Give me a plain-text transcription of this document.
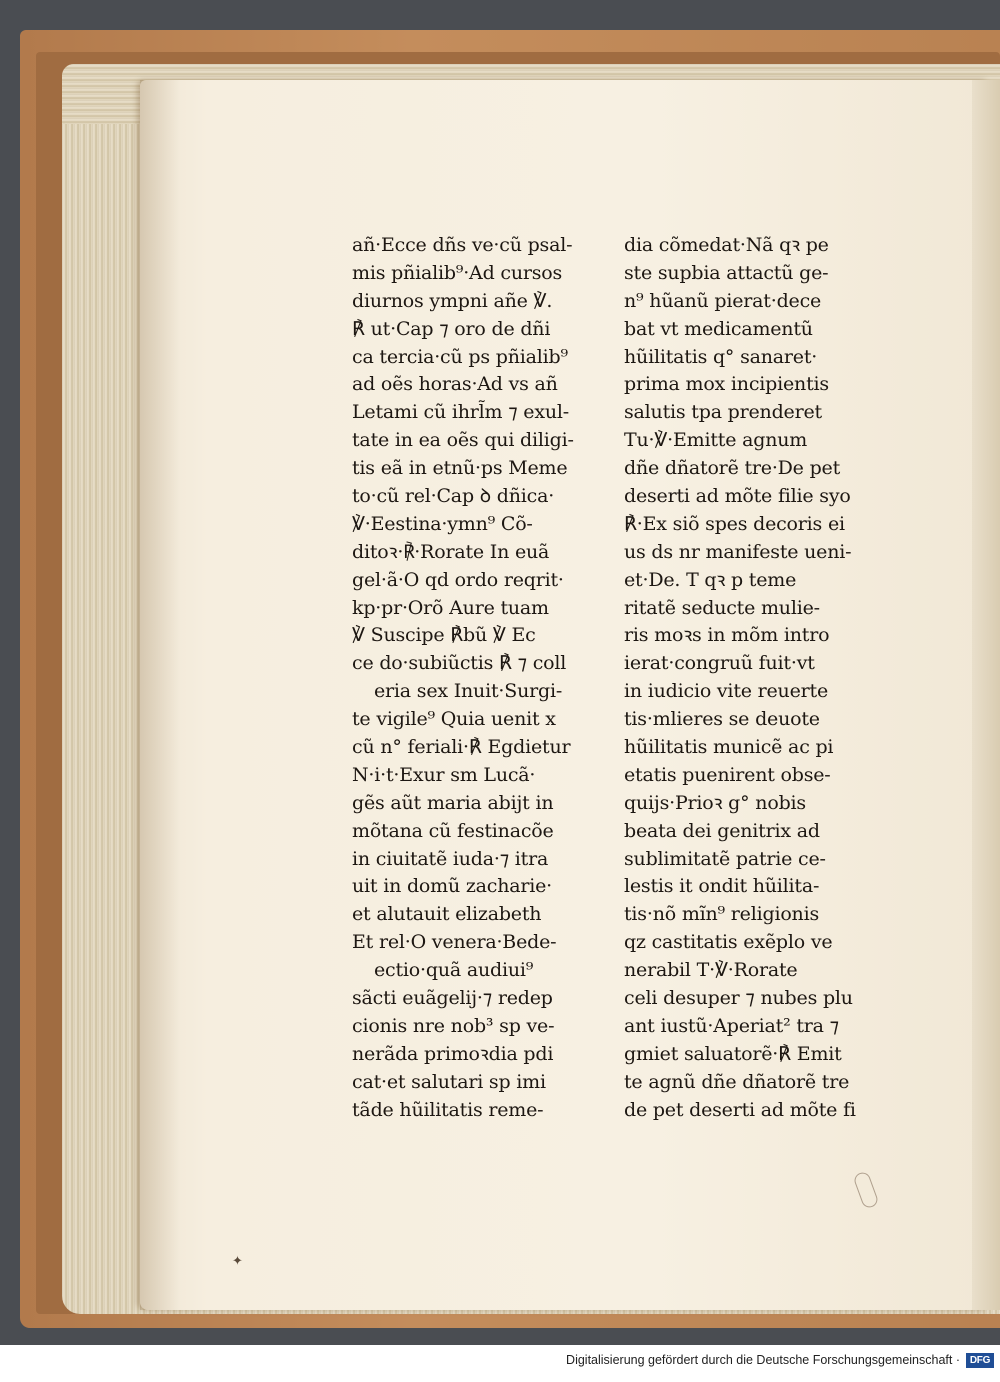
añ·Ecce dñs ve·cũ psal-
mis pñialib⁹·Ad cursos
diurnos ympni añe ℣.
℟ ut·Cap ⁊ oro de dñi
ca tercia·cũ ps pñialib⁹
ad oẽs horas·Ad vs añ
Letami cũ ihrl̃m ⁊ exul-
tate in ea oẽs qui diligi-
tis eã in etnũ·ps Meme
to·cũ rel·Cap ꝺ dñica·
℣·Eestina·ymn⁹ Cõ-
ditoꝛ·℟·Rorate In euã
gel·ã·O qd ordo reqrit·
kp·pr·Orõ Aure tuam
℣ Suscipe ℟bũ ℣ Ec
ce do·subiũctis ℟ ⁊ coll
eria sex Inuit·Surgi-
te vigile⁹ Quia uenit x
cũ n° feriali·℟ Egdietur
N·i·t·Exur sm Lucã·
gẽs aũt maria abijt in
mõtana cũ festinacõe
in ciuitatẽ iuda·⁊ itra
uit in domũ zacharie·
et alutauit elizabeth
Et rel·O venera·Bede-
ectio·quã audiui⁹
sãcti euãgelij·⁊ redep
cionis nre nob³ sp ve-
nerãda primoꝛdia pdi
cat·et salutari sp imi
tãde hũilitatis reme-
dia cõmedat·Nã qꝛ pe
ste supbia attactũ ge-
n⁹ hũanũ pierat·dece
bat vt medicamentũ
hũilitatis q° sanaret·
prima mox incipientis
salutis tpa prenderet
Tu·℣·Emitte agnum
dñe dñatorẽ tre·De pet
deserti ad mõte filie syo
℟·Ex siõ spes decoris ei
us ds nr manifeste ueni-
et·De. T qꝛ p teme
ritatẽ seducte mulie-
ris moꝛs in mõm intro
ierat·congruũ fuit·vt
in iudicio vite reuerte
tis·mlieres se deuote
hũilitatis municẽ ac pi
etatis puenirent obse-
quijs·Prioꝛ g° nobis
beata dei genitrix ad
sublimitatẽ patrie ce-
lestis it ondit hũilita-
tis·nõ mĩn⁹ religionis
qz castitatis exẽplo ve
nerabil T·℣·Rorate
celi desuper ⁊ nubes plu
ant iustũ·Aperiat² tra ⁊
gmiet saluatorẽ·℟ Emit
te agnũ dñe dñatorẽ tre
de pet deserti ad mõte fi
✦
Digitalisierung gefördert durch die Deutsche Forschungsgemeinschaft · DFG
